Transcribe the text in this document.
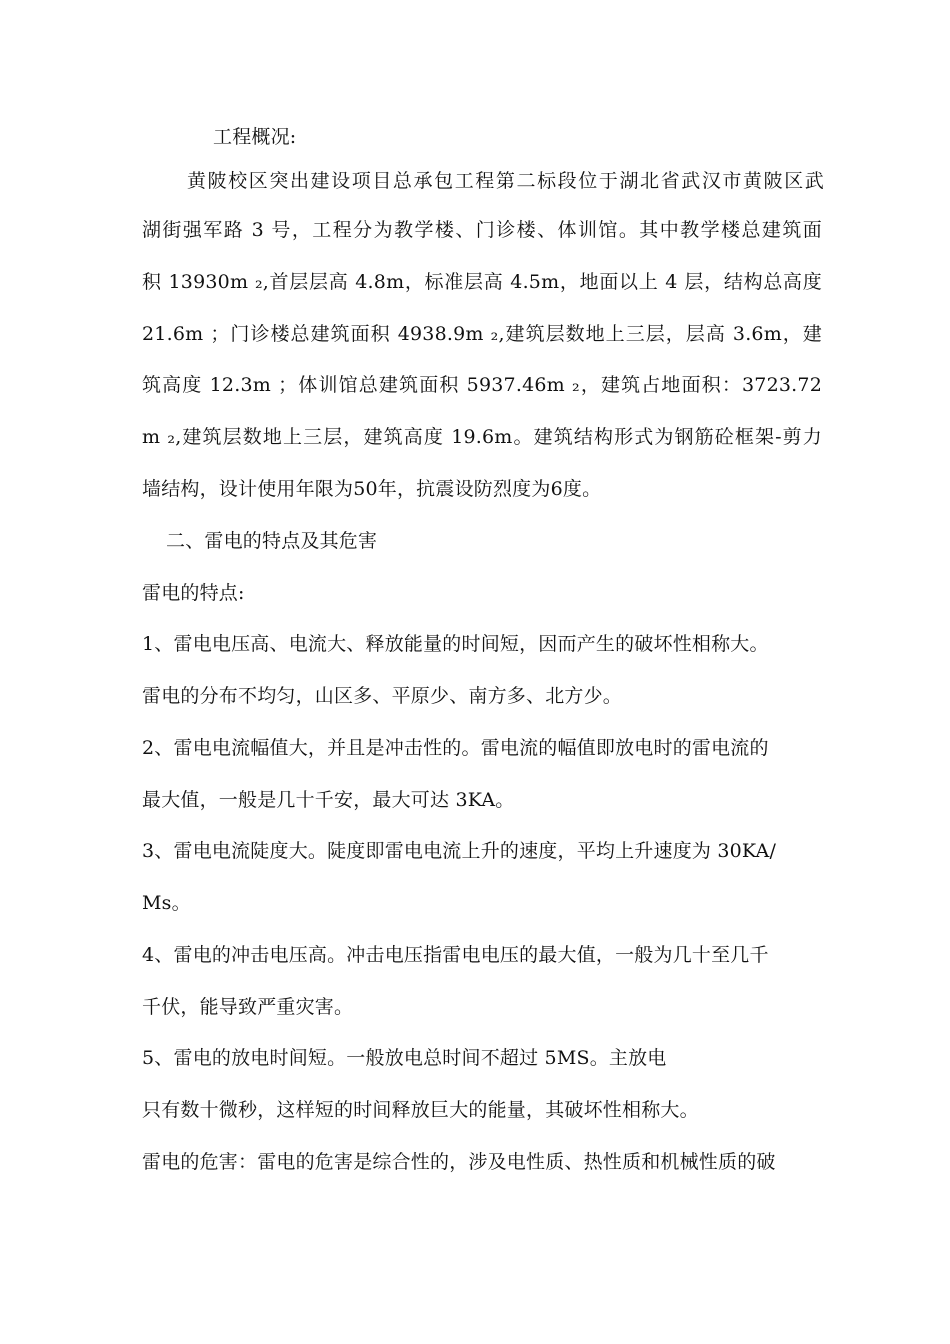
工程概况:
黄陂校区突出建设项目总承包工程第二标段位于湖北省武汉市黄陂区武
湖街强军路 3 号，工程分为教学楼、门诊楼、体训馆。其中教学楼总建筑面
积 13930m ₂,首层层高 4.8m，标准层高 4.5m，地面以上 4 层，结构总高度
21.6m ；门诊楼总建筑面积 4938.9m ₂,建筑层数地上三层，层高 3.6m，建
筑高度 12.3m ；体训馆总建筑面积 5937.46m ₂，建筑占地面积：3723.72
m ₂,建筑层数地上三层，建筑高度 19.6m。建筑结构形式为钢筋砼框架-剪力
墙结构，设计使用年限为50年，抗震设防烈度为6度。
二、雷电的特点及其危害
雷电的特点:
1、雷电电压高、电流大、释放能量的时间短，因而产生的破坏性相称大。
雷电的分布不均匀，山区多、平原少、南方多、北方少。
2、雷电电流幅值大，并且是冲击性的。雷电流的幅值即放电时的雷电流的
最大值，一般是几十千安，最大可达 3KA。
3、雷电电流陡度大。陡度即雷电电流上升的速度，平均上升速度为 30KA/
Ms。
4、雷电的冲击电压高。冲击电压指雷电电压的最大值，一般为几十至几千
千伏，能导致严重灾害。
5、雷电的放电时间短。一般放电总时间不超过 5MS。主放电
只有数十微秒，这样短的时间释放巨大的能量，其破坏性相称大。
雷电的危害：雷电的危害是综合性的，涉及电性质、热性质和机械性质的破
